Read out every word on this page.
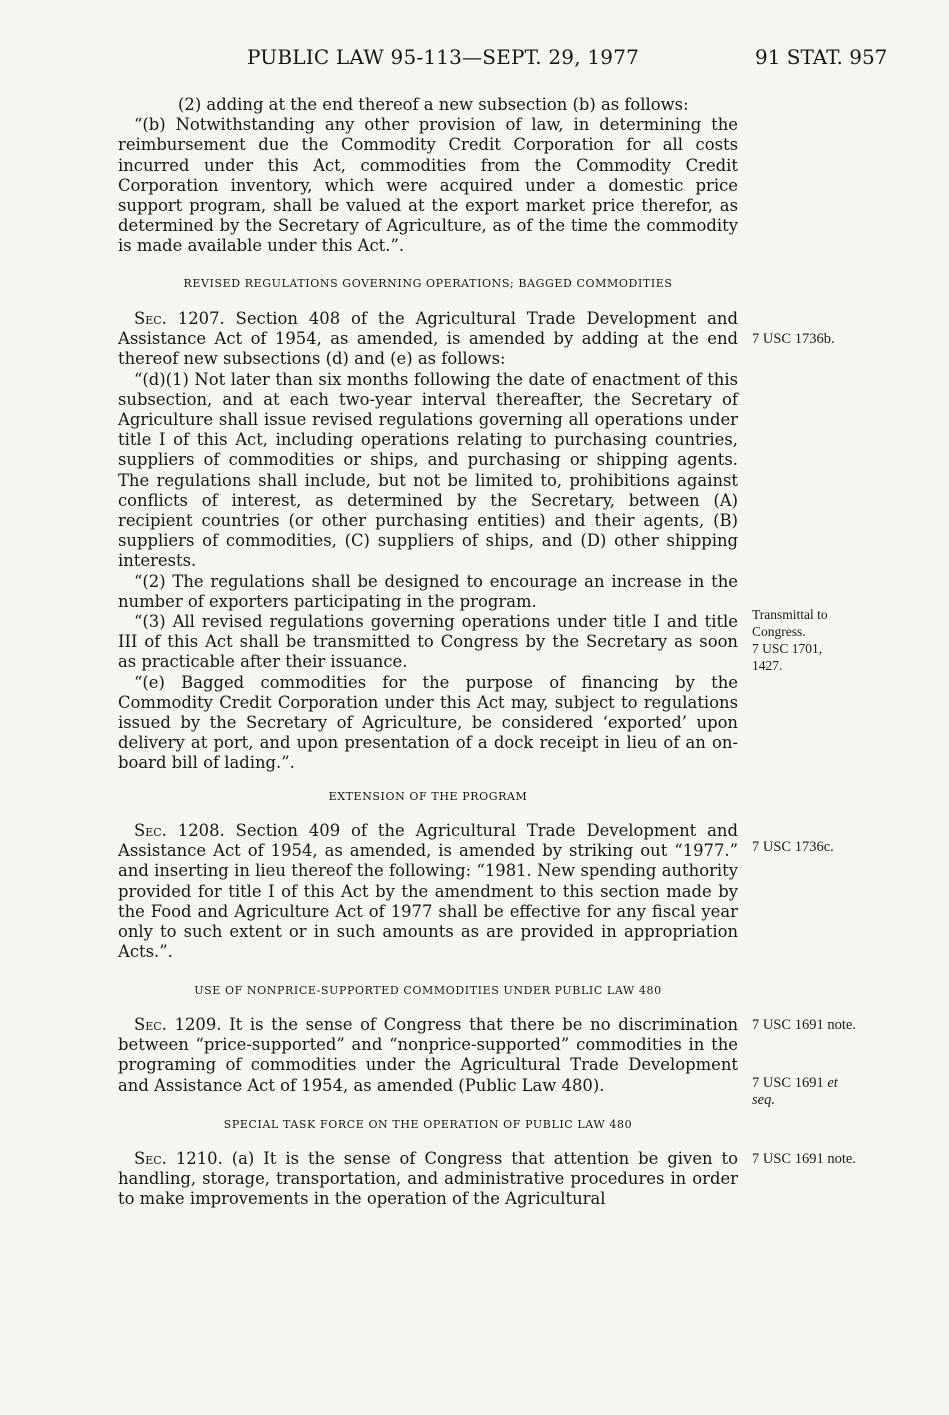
PUBLIC LAW 95-113—SEPT. 29, 1977	91 STAT. 957

(2) adding at the end thereof a new subsection (b) as follows:

“(b) Notwithstanding any other provision of law, in determining the reimbursement due the Commodity Credit Corporation for all costs incurred under this Act, commodities from the Commodity Credit Corporation inventory, which were acquired under a domestic price support program, shall be valued at the export market price therefor, as determined by the Secretary of Agriculture, as of the time the commodity is made available under this Act.”.

REVISED REGULATIONS GOVERNING OPERATIONS; BAGGED COMMODITIES

Sec. 1207. Section 408 of the Agricultural Trade Development and Assistance Act of 1954, as amended, is amended by adding at the end thereof new subsections (d) and (e) as follows:

“(d)(1) Not later than six months following the date of enactment of this subsection, and at each two-year interval thereafter, the Secretary of Agriculture shall issue revised regulations governing all operations under title I of this Act, including operations relating to purchasing countries, suppliers of commodities or ships, and purchasing or shipping agents. The regulations shall include, but not be limited to, prohibitions against conflicts of interest, as determined by the Secretary, between (A) recipient countries (or other purchasing entities) and their agents, (B) suppliers of commodities, (C) suppliers of ships, and (D) other shipping interests.

“(2) The regulations shall be designed to encourage an increase in the number of exporters participating in the program.

“(3) All revised regulations governing operations under title I and title III of this Act shall be transmitted to Congress by the Secretary as soon as practicable after their issuance.

“(e) Bagged commodities for the purpose of financing by the Commodity Credit Corporation under this Act may, subject to regulations issued by the Secretary of Agriculture, be considered ‘exported’ upon delivery at port, and upon presentation of a dock receipt in lieu of an on-board bill of lading.”.

EXTENSION OF THE PROGRAM

Sec. 1208. Section 409 of the Agricultural Trade Development and Assistance Act of 1954, as amended, is amended by striking out “1977.” and inserting in lieu thereof the following: “1981. New spending authority provided for title I of this Act by the amendment to this section made by the Food and Agriculture Act of 1977 shall be effective for any fiscal year only to such extent or in such amounts as are provided in appropriation Acts.”.

USE OF NONPRICE-SUPPORTED COMMODITIES UNDER PUBLIC LAW 480

Sec. 1209. It is the sense of Congress that there be no discrimination between “price-supported” and “nonprice-supported” commodities in the programing of commodities under the Agricultural Trade Development and Assistance Act of 1954, as amended (Public Law 480).

SPECIAL TASK FORCE ON THE OPERATION OF PUBLIC LAW 480

Sec. 1210. (a) It is the sense of Congress that attention be given to handling, storage, transportation, and administrative procedures in order to make improvements in the operation of the Agricultural

7 USC 1736b.
Transmittal to
Congress.
7 USC 1701,
1427.
7 USC 1736c.
7 USC 1691 note.
7 USC 1691 et
seq.
7 USC 1691 note.
